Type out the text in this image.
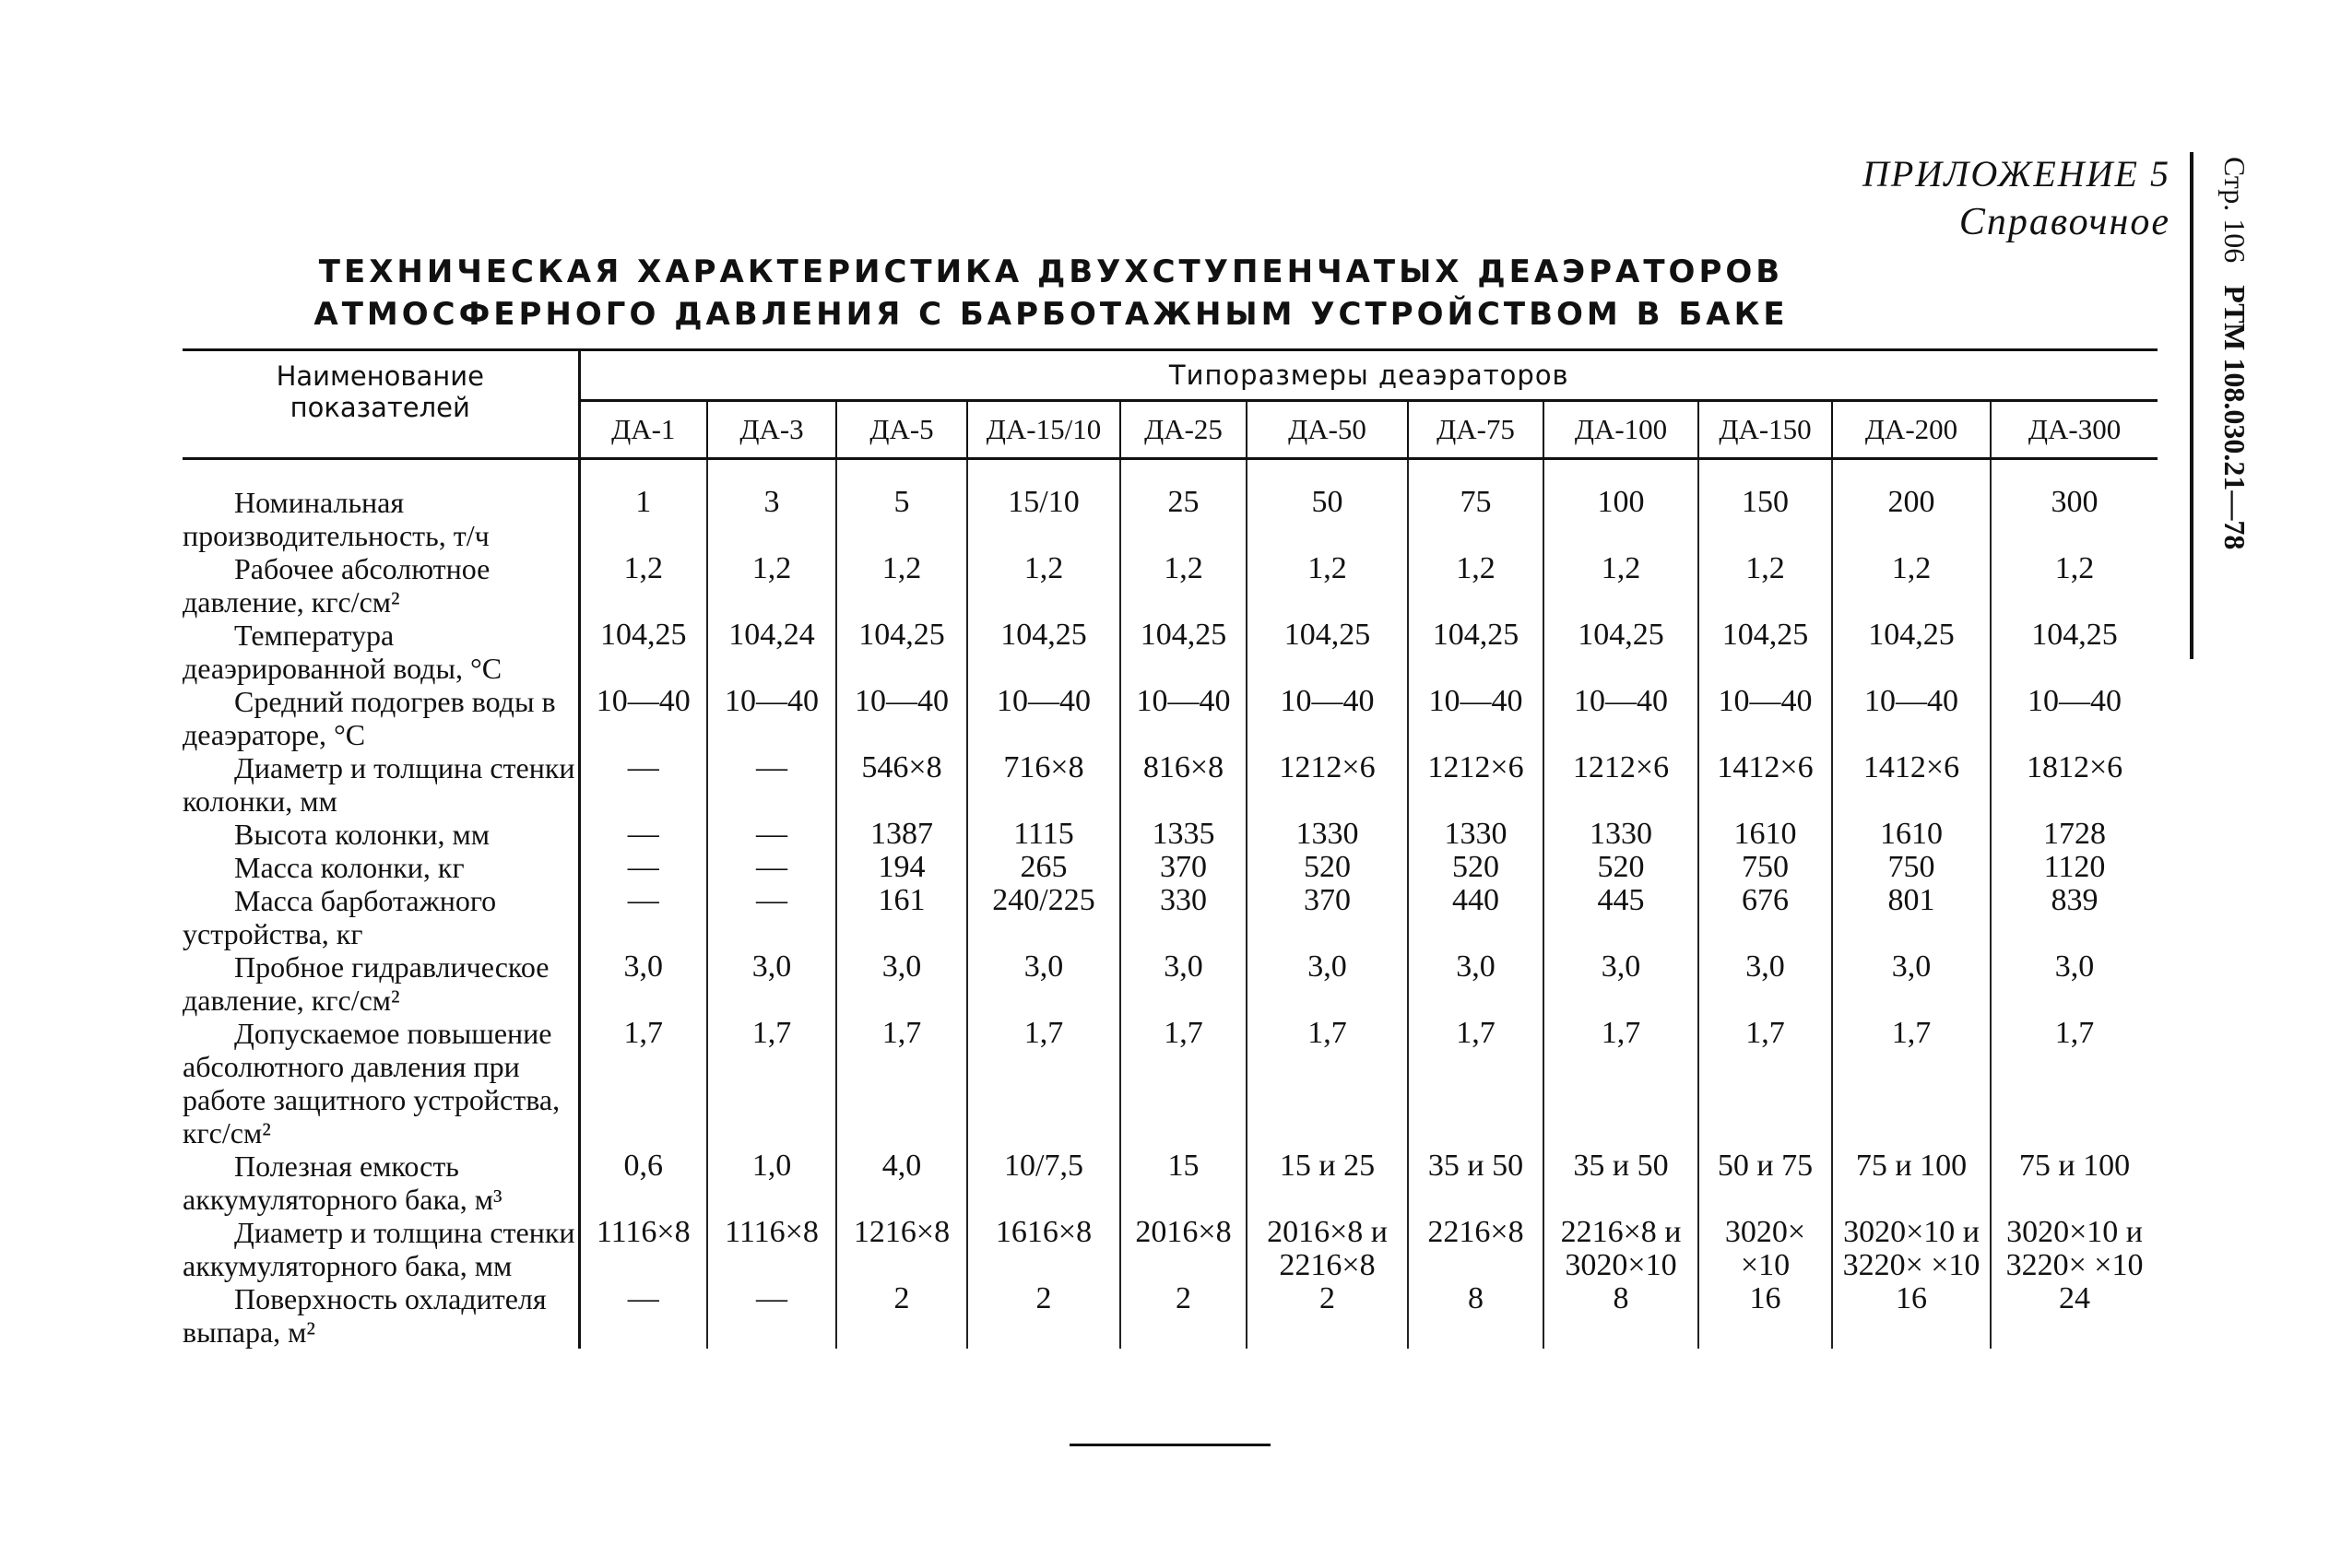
ПРИЛОЖЕНИЕ 5
Справочное Стр. 106РТМ 108.030.21—78
ТЕХНИЧЕСКАЯ ХАРАКТЕРИСТИКА ДВУХСТУПЕНЧАТЫХ ДЕАЭРАТОРОВ
АТМОСФЕРНОГО ДАВЛЕНИЯ С БАРБОТАЖНЫМ УСТРОЙСТВОМ В БАКЕ
Наименование показателей	Типоразмеры деаэраторов										
	ДА-1	ДА-3	ДА-5	ДА-15/10	ДА-25	ДА-50	ДА-75	ДА-100	ДА-150	ДА-200	ДА-300

Номинальная производительность, т/ч	1	3	5	15/10	25	50	75	100	150	200	300

Рабочее абсолютное давление, кгс/см²	1,2	1,2	1,2	1,2	1,2	1,2	1,2	1,2	1,2	1,2	1,2

Температура деаэрированной воды, °С	104,25	104,24	104,25	104,25	104,25	104,25	104,25	104,25	104,25	104,25	104,25

Средний подогрев воды в деаэраторе, °С	10—40	10—40	10—40	10—40	10—40	10—40	10—40	10—40	10—40	10—40	10—40

Диаметр и толщина стенки колонки, мм	—	—	546×8	716×8	816×8	1212×6	1212×6	1212×6	1412×6	1412×6	1812×6

Высота колонки, мм	—	—	1387	1115	1335	1330	1330	1330	1610	1610	1728

Масса колонки, кг	—	—	194	265	370	520	520	520	750	750	1120

Масса барботажного устройства, кг	—	—	161	240/225	330	370	440	445	676	801	839

Пробное гидравлическое давление, кгс/см²	3,0	3,0	3,0	3,0	3,0	3,0	3,0	3,0	3,0	3,0	3,0

Допускаемое повышение абсолютного давления при работе защитного устройства, кгс/см²	1,7	1,7	1,7	1,7	1,7	1,7	1,7	1,7	1,7	1,7	1,7

Полезная емкость аккумуляторного бака, м³	0,6	1,0	4,0	10/7,5	15	15 и 25	35 и 50	35 и 50	50 и 75	75 и 100	75 и 100

Диаметр и толщина стенки аккумуляторного бака, мм	1116×8	1116×8	1216×8	1616×8	2016×8	2016×8 и 2216×8	2216×8	2216×8 и 3020×10	3020× ×10	3020×10 и 3220× ×10	3020×10 и 3220× ×10

Поверхность охладителя выпара, м²	—	—	2	2	2	2	8	8	16	16	24
